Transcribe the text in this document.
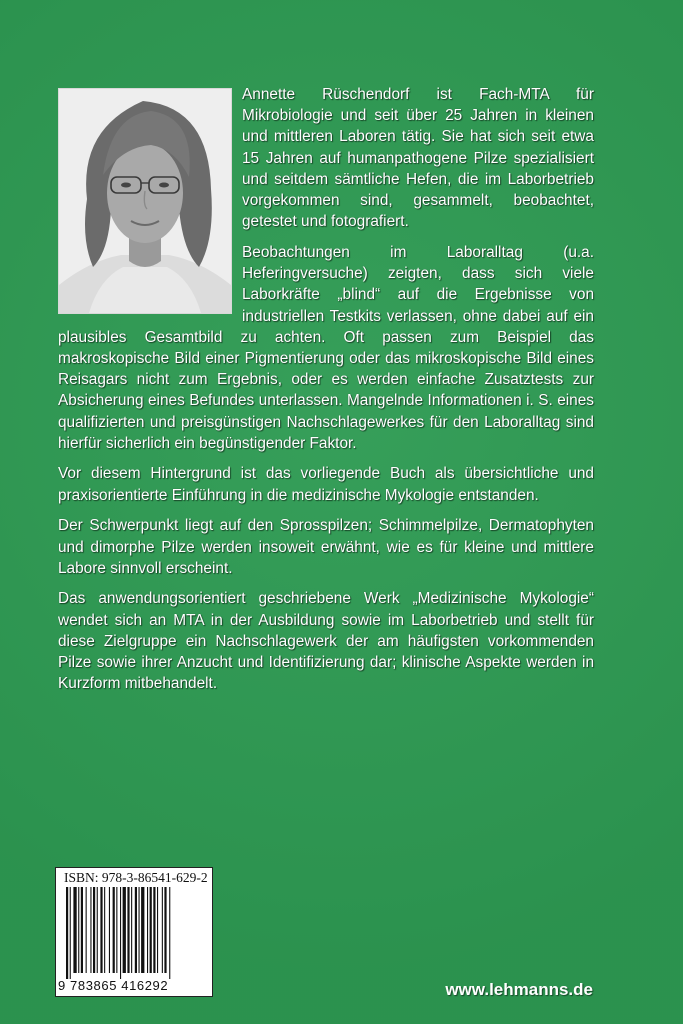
Annette Rüschendorf ist Fach-MTA für Mikrobiologie und seit über 25 Jahren in kleinen und mittleren Laboren tätig. Sie hat sich seit etwa 15 Jahren auf humanpathogene Pilze spezialisiert und seitdem sämtliche Hefen, die im Laborbetrieb vorgekommen sind, gesammelt, beobachtet, getestet und fotografiert.

Beobachtungen im Laboralltag (u.a. Heferingversuche) zeigten, dass sich viele Laborkräfte „blind“ auf die Ergebnisse von industriellen Testkits verlassen, ohne dabei auf ein plausibles Gesamtbild zu achten. Oft passen zum Beispiel das makroskopische Bild einer Pigmentierung oder das mikroskopische Bild eines Reisagars nicht zum Ergebnis, oder es werden einfache Zusatztests zur Absicherung eines Befundes unterlassen. Mangelnde Informationen i. S. eines qualifizierten und preisgünstigen Nachschlagewerkes für den Laboralltag sind hierfür sicherlich ein begünstigender Faktor.

Vor diesem Hintergrund ist das vorliegende Buch als übersichtliche und praxisorientierte Einführung in die medizinische Mykologie entstanden.

Der Schwerpunkt liegt auf den Sprosspilzen; Schimmelpilze, Dermatophyten und dimorphe Pilze werden insoweit erwähnt, wie es für kleine und mittlere Labore sinnvoll erscheint.

Das anwendungsorientiert geschriebene Werk „Medizinische Mykologie“ wendet sich an MTA in der Ausbildung sowie im Laborbetrieb und stellt für diese Zielgruppe ein Nachschlagewerk der am häufigsten vorkommenden Pilze sowie ihrer Anzucht und Identifizierung dar; klinische Aspekte werden in Kurzform mitbehandelt.

ISBN: 978-3-86541-629-2
9 783865 416292	www.lehmanns.de
